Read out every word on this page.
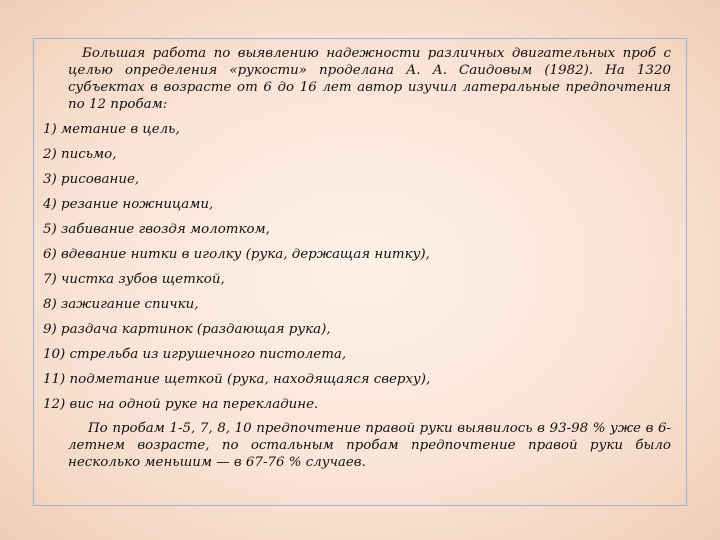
Большая работа по выявлению надежности различных двигательных проб с целью определения «рукости» проделана А. А. Саидовым (1982). На 1320 субъектах в возрасте от 6 до 16 лет автор изучил латеральные предпочтения по 12 пробам:

1) метание в цель,
2) письмо,
3) рисование,
4) резание ножницами,
5) забивание гвоздя молотком,
6) вдевание нитки в иголку (рука, держащая нитку),
7) чистка зубов щеткой,
8) зажигание спички,
9) раздача картинок (раздающая рука),
10) стрельба из игрушечного пистолета,
11) подметание щеткой (рука, находящаяся сверху),
12) вис на одной руке на перекладине.

По пробам 1-5, 7, 8, 10 предпочтение правой руки выявилось в 93-98 % уже в 6-летнем возрасте, по остальным пробам предпочтение правой руки было несколько меньшим — в 67-76 % случаев.
